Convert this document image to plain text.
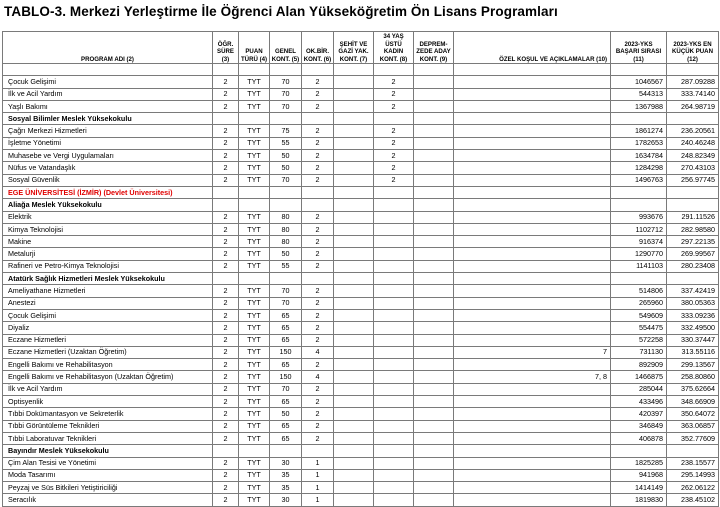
TABLO-3. Merkezi Yerleştirme İle Öğrenci Alan Yükseköğretim Ön Lisans Programları
PROGRAM ADI (2)	ÖĞR. SÜRE (3)	PUAN TÜRÜ (4)	GENEL KONT. (5)	OK.BİR. KONT. (6)	ŞEHİT VE GAZİ YAK. KONT. (7)	34 YAŞ ÜSTÜ KADIN KONT. (8)	DEPREM-ZEDE ADAY KONT. (9)	ÖZEL KOŞUL VE AÇIKLAMALAR (10)	2023-YKS BAŞARI SIRASI (11)	2023-YKS EN KÜÇÜK PUAN (12)

Çocuk Gelişimi	2	TYT	70	2		2			1046567	287.09288
İlk ve Acil Yardım	2	TYT	70	2		2			544313	333.74140
Yaşlı Bakımı	2	TYT	70	2		2			1367988	264.98719
Sosyal Bilimler Meslek Yüksekokulu										
Çağrı Merkezi Hizmetleri	2	TYT	75	2		2			1861274	236.20561
İşletme Yönetimi	2	TYT	55	2		2			1782653	240.46248
Muhasebe ve Vergi Uygulamaları	2	TYT	50	2		2			1634784	248.82349
Nüfus ve Vatandaşlık	2	TYT	50	2		2			1284298	270.43103
Sosyal Güvenlik	2	TYT	70	2		2			1496763	256.97745
EGE ÜNİVERSİTESİ (İZMİR) (Devlet Üniversitesi)										
Aliağa Meslek Yüksekokulu										
Elektrik	2	TYT	80	2					993676	291.11526
Kimya Teknolojisi	2	TYT	80	2					1102712	282.98580
Makine	2	TYT	80	2					916374	297.22135
Metalurji	2	TYT	50	2					1290770	269.99567
Rafineri ve Petro-Kimya Teknolojisi	2	TYT	55	2					1141103	280.23408
Atatürk Sağlık Hizmetleri Meslek Yüksekokulu										
Ameliyathane Hizmetleri	2	TYT	70	2					514806	337.42419
Anestezi	2	TYT	70	2					265960	380.05363
Çocuk Gelişimi	2	TYT	65	2					549609	333.09236
Diyaliz	2	TYT	65	2					554475	332.49500
Eczane Hizmetleri	2	TYT	65	2					572258	330.37447
Eczane Hizmetleri (Uzaktan Öğretim)	2	TYT	150	4				7	731130	313.55116
Engelli Bakımı ve Rehabilitasyon	2	TYT	65	2					892909	299.13567
Engelli Bakımı ve Rehabilitasyon (Uzaktan Öğretim)	2	TYT	150	4				7, 8	1466875	258.80860
İlk ve Acil Yardım	2	TYT	70	2					285044	375.62664
Optisyenlik	2	TYT	65	2					433496	348.66909
Tıbbi Dokümantasyon ve Sekreterlik	2	TYT	50	2					420397	350.64072
Tıbbi Görüntüleme Teknikleri	2	TYT	65	2					346849	363.06857
Tıbbi Laboratuvar Teknikleri	2	TYT	65	2					406878	352.77609
Bayındır Meslek Yüksekokulu										
Çim Alan Tesisi ve Yönetimi	2	TYT	30	1					1825285	238.15577
Moda Tasarımı	2	TYT	35	1					941968	295.14993
Peyzaj ve Süs Bitkileri Yetiştiriciliği	2	TYT	35	1					1414149	262.06122
Seracılık	2	TYT	30	1					1819830	238.45102
